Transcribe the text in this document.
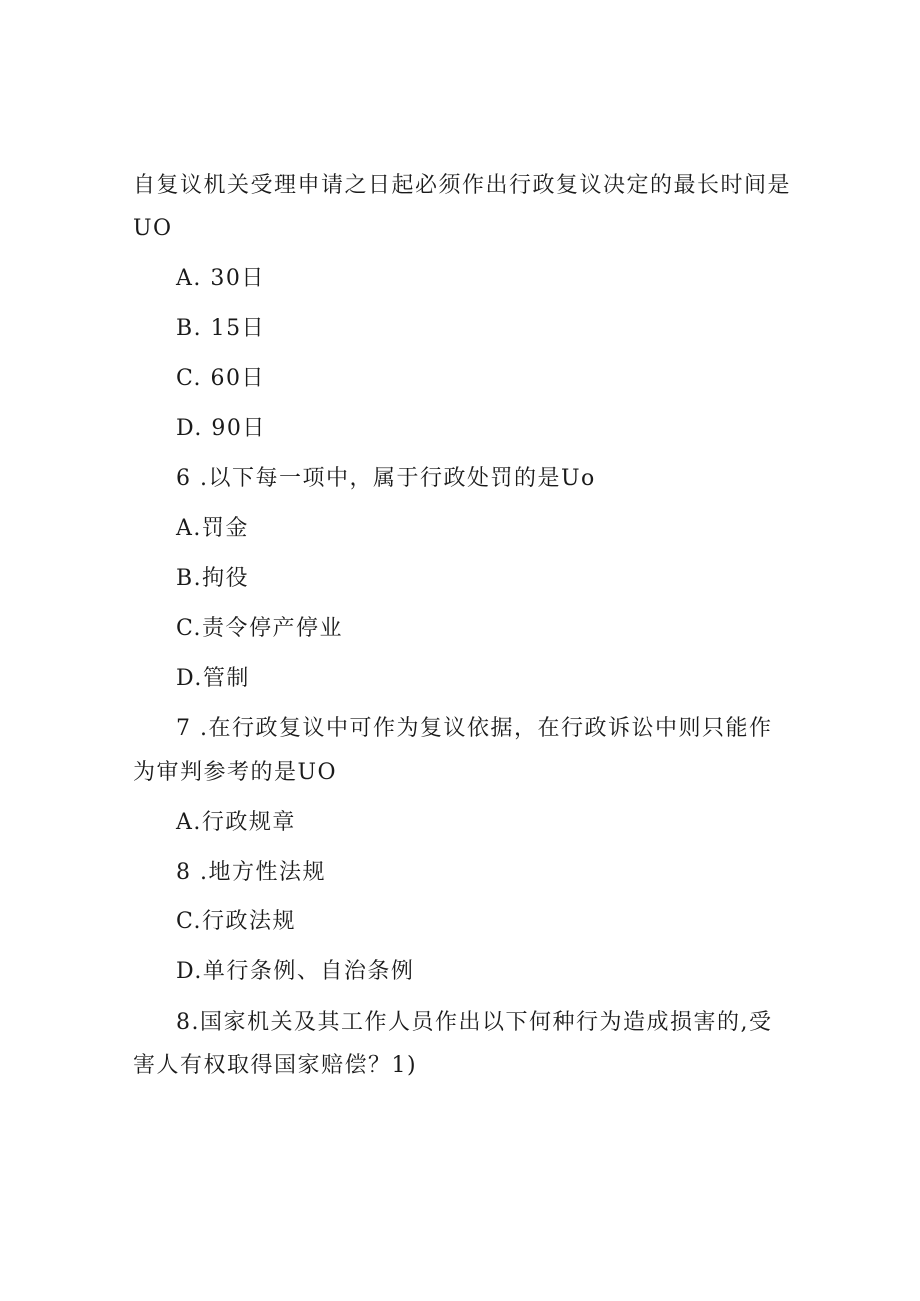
自复议机关受理申请之日起必须作出行政复议决定的最长时间是

UO

A. 30日

B. 15日

C. 60日

D. 90日

6 .以下每一项中，属于行政处罚的是Uo

A.罚金

B.拘役

C.责令停产停业

D.管制

7 .在行政复议中可作为复议依据，在行政诉讼中则只能作

为审判参考的是UO

A.行政规章

8 .地方性法规

C.行政法规

D.单行条例、自治条例

8.国家机关及其工作人员作出以下何种行为造成损害的,受

害人有权取得国家赔偿？1)
